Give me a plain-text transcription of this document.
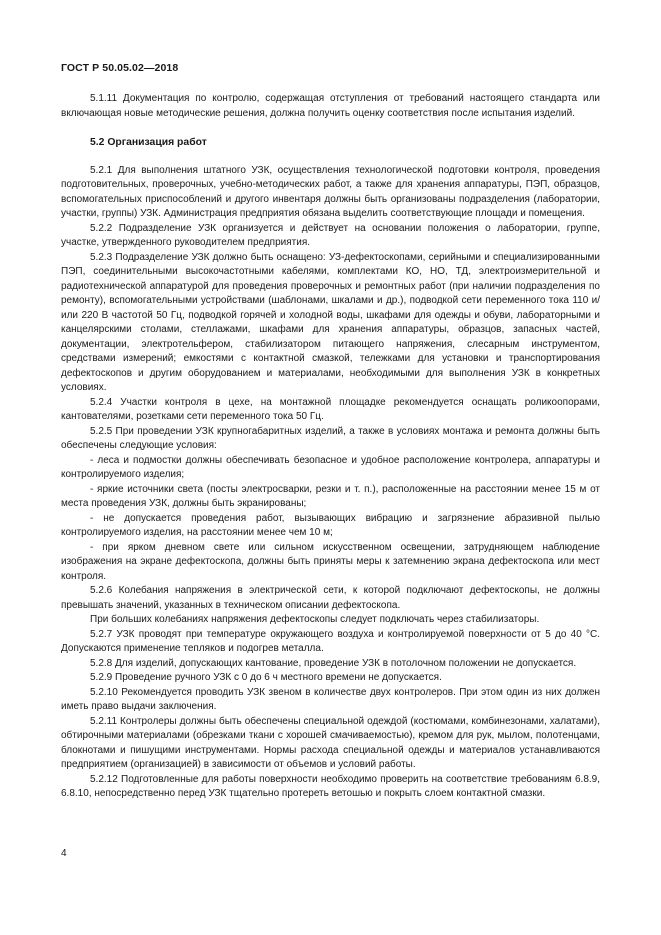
ГОСТ Р 50.05.02—2018

5.1.11 Документация по контролю, содержащая отступления от требований настоящего стандарта или включающая новые методические решения, должна получить оценку соответствия после испытания изделий.

5.2 Организация работ

5.2.1 Для выполнения штатного УЗК, осуществления технологической подготовки контроля, проведения подготовительных, проверочных, учебно-методических работ, а также для хранения аппаратуры, ПЭП, образцов, вспомогательных приспособлений и другого инвентаря должны быть организованы подразделения (лаборатории, участки, группы) УЗК. Администрация предприятия обязана выделить соответствующие площади и помещения.

5.2.2 Подразделение УЗК организуется и действует на основании положения о лаборатории, группе, участке, утвержденного руководителем предприятия.

5.2.3 Подразделение УЗК должно быть оснащено: УЗ-дефектоскопами, серийными и специализированными ПЭП, соединительными высокочастотными кабелями, комплектами КО, НО, ТД, электроизмерительной и радиотехнической аппаратурой для проведения проверочных и ремонтных работ (при наличии подразделения по ремонту), вспомогательными устройствами (шаблонами, шкалами и др.), подводкой сети переменного тока 110 и/или 220 В частотой 50 Гц, подводкой горячей и холодной воды, шкафами для одежды и обуви, лабораторными и канцелярскими столами, стеллажами, шкафами для хранения аппаратуры, образцов, запасных частей, документации, электротельфером, стабилизатором питающего напряжения, слесарным инструментом, средствами измерений; емкостями с контактной смазкой, тележками для установки и транспортирования дефектоскопов и другим оборудованием и материалами, необходимыми для выполнения УЗК в конкретных условиях.

5.2.4 Участки контроля в цехе, на монтажной площадке рекомендуется оснащать роликоопорами, кантователями, розетками сети переменного тока 50 Гц.

5.2.5 При проведении УЗК крупногабаритных изделий, а также в условиях монтажа и ремонта должны быть обеспечены следующие условия:

- леса и подмостки должны обеспечивать безопасное и удобное расположение контролера, аппаратуры и контролируемого изделия;

- яркие источники света (посты электросварки, резки и т. п.), расположенные на расстоянии менее 15 м от места проведения УЗК, должны быть экранированы;

- не допускается проведения работ, вызывающих вибрацию и загрязнение абразивной пылью контролируемого изделия, на расстоянии менее чем 10 м;

- при ярком дневном свете или сильном искусственном освещении, затрудняющем наблюдение изображения на экране дефектоскопа, должны быть приняты меры к затемнению экрана дефектоскопа или мест контроля.

5.2.6 Колебания напряжения в электрической сети, к которой подключают дефектоскопы, не должны превышать значений, указанных в техническом описании дефектоскопа.

При больших колебаниях напряжения дефектоскопы следует подключать через стабилизаторы.

5.2.7 УЗК проводят при температуре окружающего воздуха и контролируемой поверхности от 5 до 40 °С. Допускаются применение тепляков и подогрев металла.

5.2.8 Для изделий, допускающих кантование, проведение УЗК в потолочном положении не допускается.

5.2.9 Проведение ручного УЗК с 0 до 6 ч местного времени не допускается.

5.2.10 Рекомендуется проводить УЗК звеном в количестве двух контролеров. При этом один из них должен иметь право выдачи заключения.

5.2.11 Контролеры должны быть обеспечены специальной одеждой (костюмами, комбинезонами, халатами), обтирочными материалами (обрезками ткани с хорошей смачиваемостью), кремом для рук, мылом, полотенцами, блокнотами и пишущими инструментами. Нормы расхода специальной одежды и материалов устанавливаются предприятием (организацией) в зависимости от объемов и условий работы.

5.2.12 Подготовленные для работы поверхности необходимо проверить на соответствие требованиям 6.8.9, 6.8.10, непосредственно перед УЗК тщательно протереть ветошью и покрыть слоем контактной смазки.

4
